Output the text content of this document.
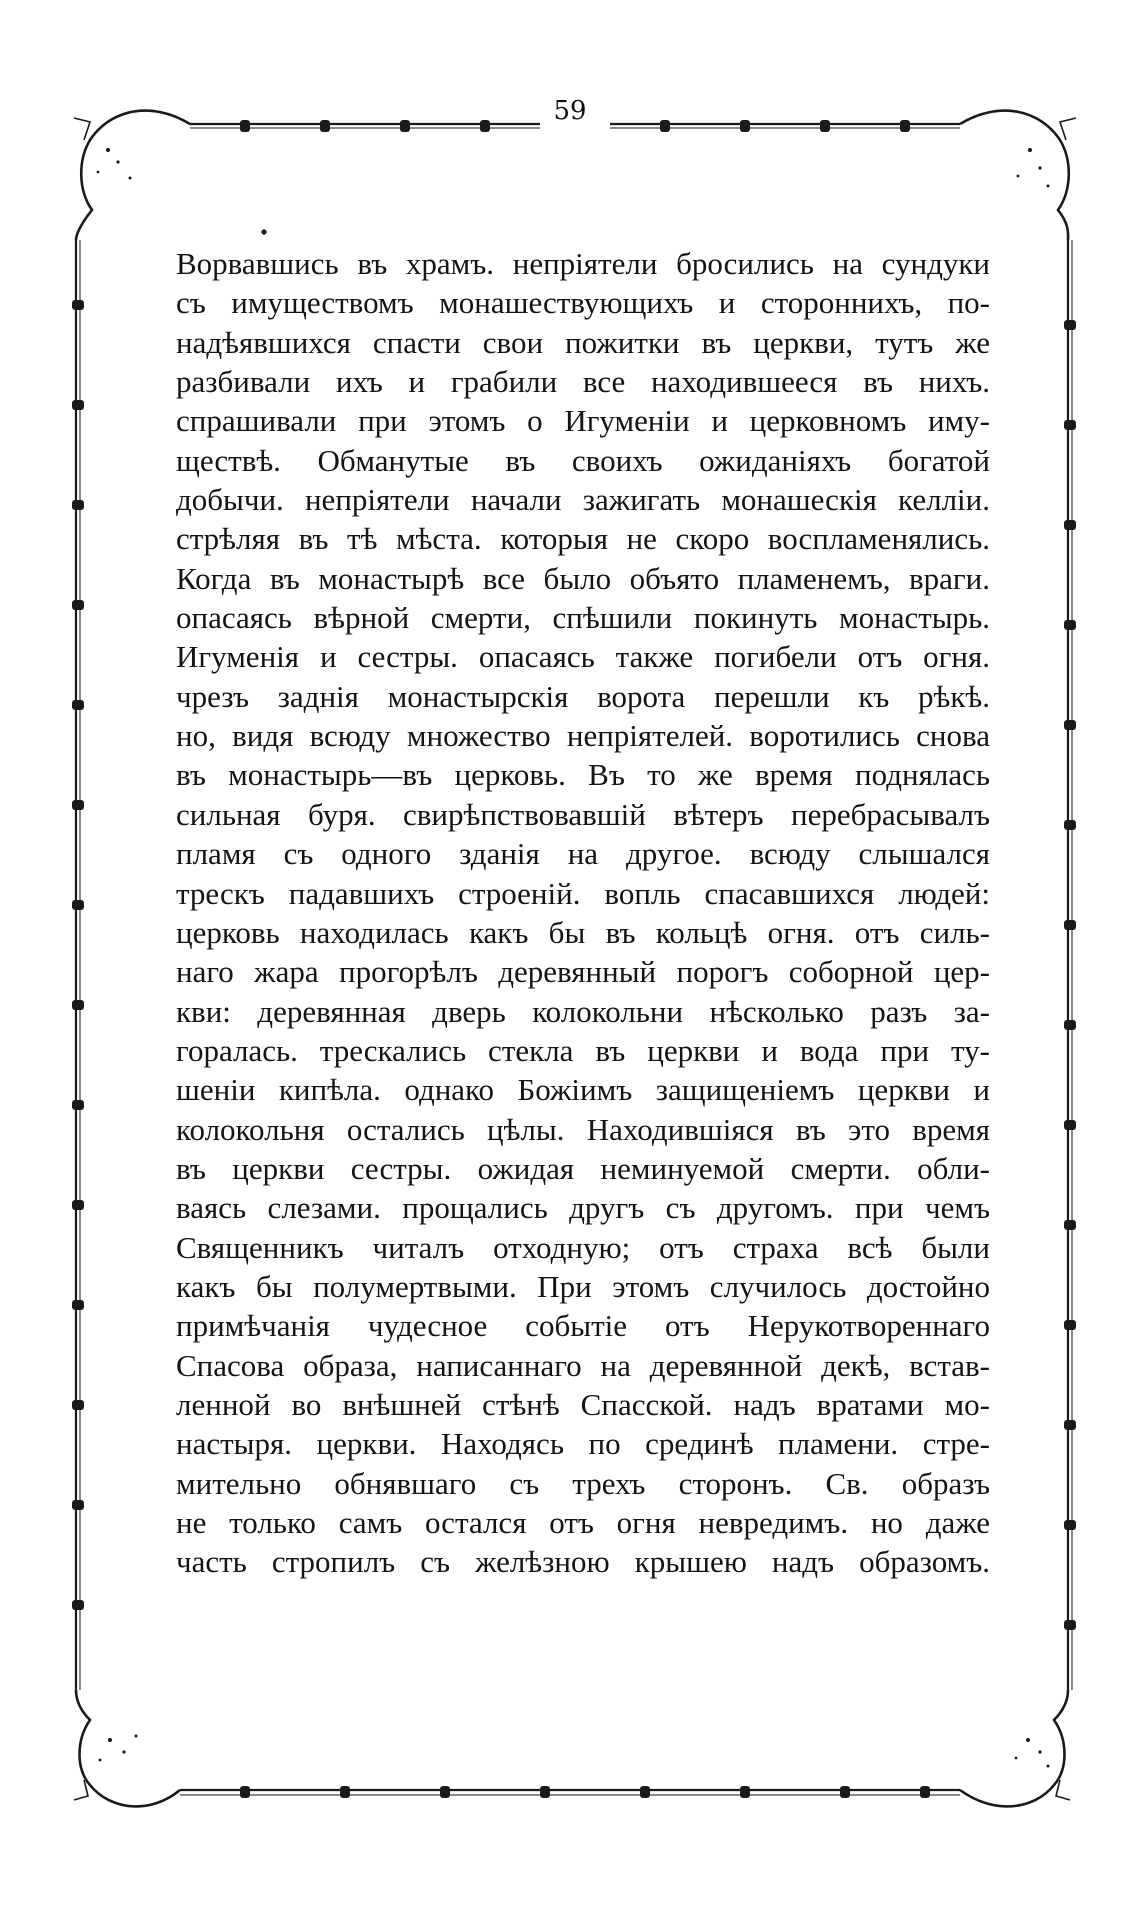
59
Ворвавшись въ храмъ. непріятели бросились на сундуки
съ имуществомъ монашествующихъ и стороннихъ, по-
надѣявшихся спасти свои пожитки въ церкви, тутъ же
разбивали ихъ и грабили все находившееся въ нихъ.
спрашивали при этомъ о Игуменіи и церковномъ иму-
ществѣ. Обманутые въ своихъ ожиданіяхъ богатой
добычи. непріятели начали зажигать монашескія келліи.
стрѣляя въ тѣ мѣста. которыя не скоро воспламенялись.
Когда въ монастырѣ все было объято пламенемъ, враги.
опасаясь вѣрной смерти, спѣшили покинуть монастырь.
Игуменія и сестры. опасаясь также погибели отъ огня.
чрезъ заднія монастырскія ворота перешли къ рѣкѣ.
но, видя всюду множество непріятелей. воротились снова
въ монастырь—въ церковь. Въ то же время поднялась
сильная буря. свирѣпствовавшій вѣтеръ перебрасывалъ
пламя съ одного зданія на другое. всюду слышался
трескъ падавшихъ строеній. вопль спасавшихся людей:
церковь находилась какъ бы въ кольцѣ огня. отъ силь-
наго жара прогорѣлъ деревянный порогъ соборной цер-
кви: деревянная дверь колокольни нѣсколько разъ за-
горалась. трескались стекла въ церкви и вода при ту-
шеніи кипѣла. однако Божіимъ защищеніемъ церкви и
колокольня остались цѣлы. Находившіяся въ это время
въ церкви сестры. ожидая неминуемой смерти. обли-
ваясь слезами. прощались другъ съ другомъ. при чемъ
Священникъ читалъ отходную; отъ страха всѣ были
какъ бы полумертвыми. При этомъ случилось достойно
примѣчанія чудесное событіе отъ Нерукотвореннаго
Спасова образа, написаннаго на деревянной декѣ, встав-
ленной во внѣшней стѣнѣ Спасской. надъ вратами мо-
настыря. церкви. Находясь по срединѣ пламени. стре-
мительно обнявшаго съ трехъ сторонъ. Св. образъ
не только самъ остался отъ огня невредимъ. но даже
часть стропилъ съ желѣзною крышею надъ образомъ.
